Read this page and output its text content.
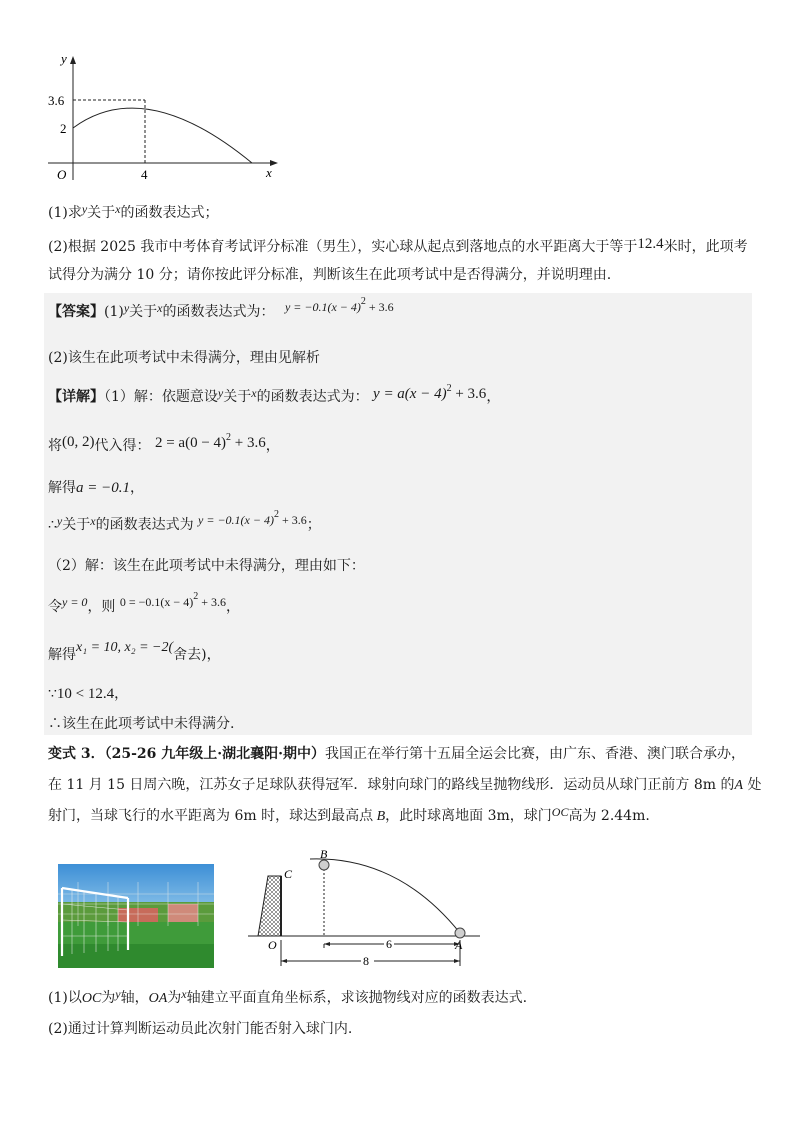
y
x
O
3.6
2
4
(1)求y关于x的函数表达式；
(2)根据 2025 我市中考体育考试评分标准（男生），实心球从起点到落地点的水平距离大于等于12.4米时，此项考
试得分为满分 10 分；请你按此评分标准，判断该生在此项考试中是否得满分，并说明理由.
【答案】(1)y关于x的函数表达式为： $y = -0.1(x - 4)^2 + 3.6$
(2)该生在此项考试中未得满分，理由见解析
【详解】（1）解：依题意设y关于x的函数表达式为： $y = a(x - 4)^2 + 3.6$，
将(0, 2)代入得： $2 = a(0 - 4)^2 + 3.6$，
解得a = −0.1，
∴y关于x的函数表达式为 $y = -0.1(x - 4)^2 + 3.6$；
（2）解：该生在此项考试中未得满分，理由如下：
令y = 0，则 $0 = -0.1(x - 4)^2 + 3.6$，
解得x₁ = 10, x₂ = −2(舍去)，
∵10 < 12.4，
∴该生在此项考试中未得满分.
变式 3．（25-26 九年级上·湖北襄阳·期中）我国正在举行第十五届全运会比赛，由广东、香港、澳门联合承办，
在 11 月 15 日周六晚，江苏女子足球队获得冠军．球射向球门的路线呈抛物线形．运动员从球门正前方 8m 的A 处
射门，当球飞行的水平距离为 6m 时，球达到最高点 B，此时球离地面 3m，球门OC高为 2.44m.
B
C
O	A
6
8
(1)以OC为y轴，OA为x轴建立平面直角坐标系，求该抛物线对应的函数表达式.
(2)通过计算判断运动员此次射门能否射入球门内.
